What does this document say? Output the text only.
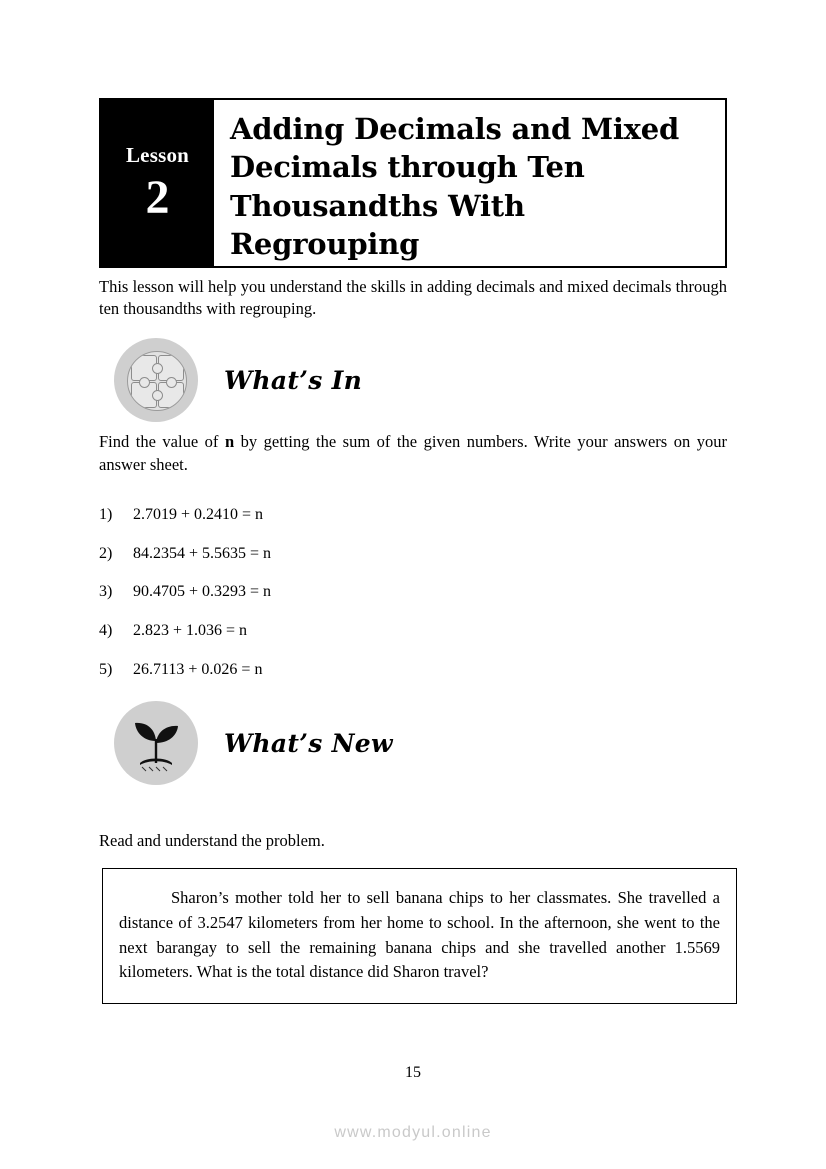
Lesson
2
Adding Decimals and Mixed Decimals through Ten Thousandths With Regrouping
This lesson will help you understand the skills in adding decimals and mixed decimals through ten thousandths with regrouping.
What’s In
Find the value of n by getting the sum of the given numbers. Write your answers on your answer sheet.
1)	2.7019 + 0.2410 = n
2)	84.2354 + 5.5635 = n
3)	90.4705 + 0.3293 = n
4)	2.823 + 1.036 = n
5)	26.7113 + 0.026 = n
What’s New
Read and understand the problem.
Sharon’s mother told her to sell banana chips to her classmates. She travelled a distance of 3.2547 kilometers from her home to school. In the afternoon, she went to the next barangay to sell the remaining banana chips and she travelled another 1.5569 kilometers. What is the total distance did Sharon travel?
15
www.modyul.online
